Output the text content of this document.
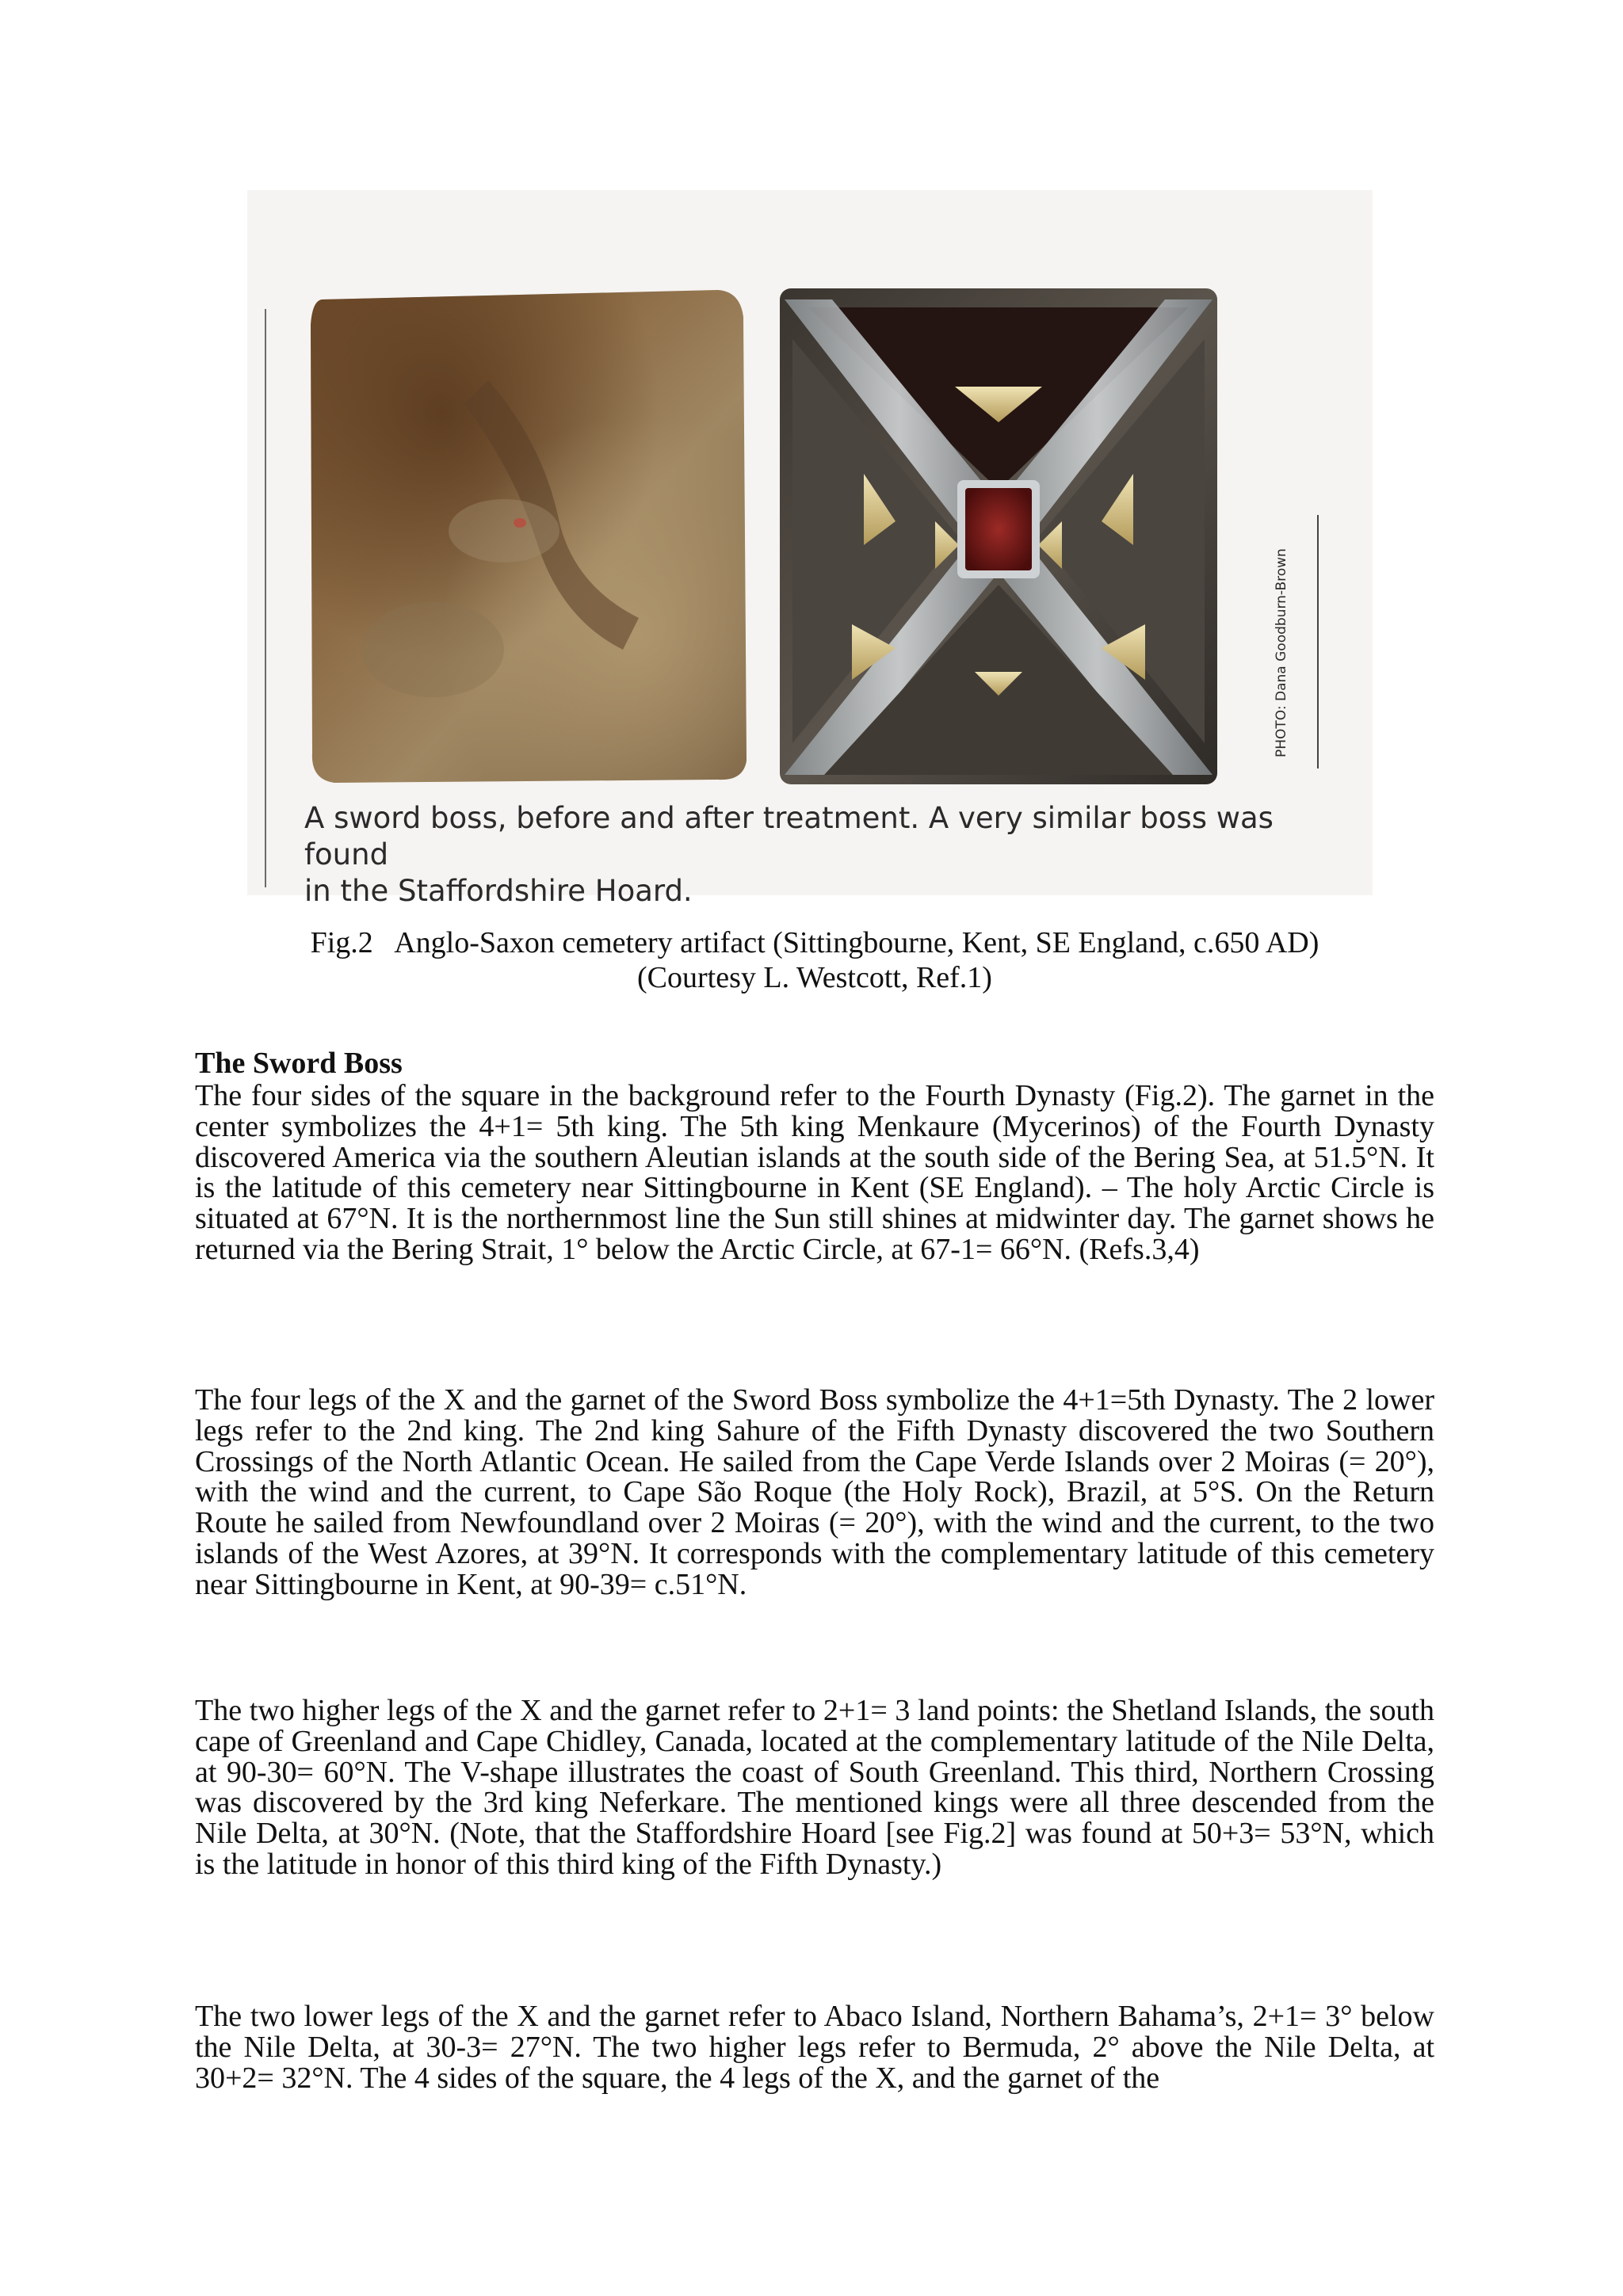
PHOTO: Dana Goodburn-Brown
A sword boss, before and after treatment. A very similar boss was found
in the Staffordshire Hoard.
Fig.2   Anglo-Saxon cemetery artifact (Sittingbourne, Kent, SE England, c.650 AD)
(Courtesy L. Westcott, Ref.1)
The Sword Boss

The four sides of the square in the background refer to the Fourth Dynasty (Fig.2). The garnet in the center symbolizes the 4+1= 5th king. The 5th king Menkaure (Mycerinos) of the Fourth Dynasty discovered America via the southern Aleutian islands at the south side of the Bering Sea, at 51.5°N. It is the latitude of this cemetery near Sittingbourne in Kent (SE England). – The holy Arctic Circle is situated at 67°N. It is the northernmost line the Sun still shines at midwinter day. The garnet shows he returned via the Bering Strait, 1° below the Arctic Circle, at 67-1= 66°N. (Refs.3,4)

The four legs of the X and the garnet of the Sword Boss symbolize the 4+1=5th Dynasty. The 2 lower legs refer to the 2nd king. The 2nd king Sahure of the Fifth Dynasty discovered the two Southern Crossings of the North Atlantic Ocean. He sailed from the Cape Verde Islands over 2 Moiras (= 20°), with the wind and the current, to Cape São Roque (the Holy Rock), Brazil, at 5°S. On the Return Route he sailed from Newfoundland over 2 Moiras (= 20°), with the wind and the current, to the two islands of the West Azores, at 39°N. It corresponds with the complementary latitude of this cemetery near Sittingbourne in Kent, at 90-39= c.51°N.

The two higher legs of the X and the garnet refer to 2+1= 3 land points: the Shetland Islands, the south cape of Greenland and Cape Chidley, Canada, located at the complementary latitude of the Nile Delta, at 90-30= 60°N. The V-shape illustrates the coast of South Greenland. This third, Northern Crossing was discovered by the 3rd king Neferkare. The mentioned kings were all three descended from the Nile Delta, at 30°N. (Note, that the Staffordshire Hoard [see Fig.2] was found at 50+3= 53°N, which is the latitude in honor of this third king of the Fifth Dynasty.)

The two lower legs of the X and the garnet refer to Abaco Island, Northern Bahama’s, 2+1= 3° below the Nile Delta, at 30-3= 27°N. The two higher legs refer to Bermuda, 2° above the Nile Delta, at 30+2= 32°N. The 4 sides of the square, the 4 legs of the X, and the garnet of the
